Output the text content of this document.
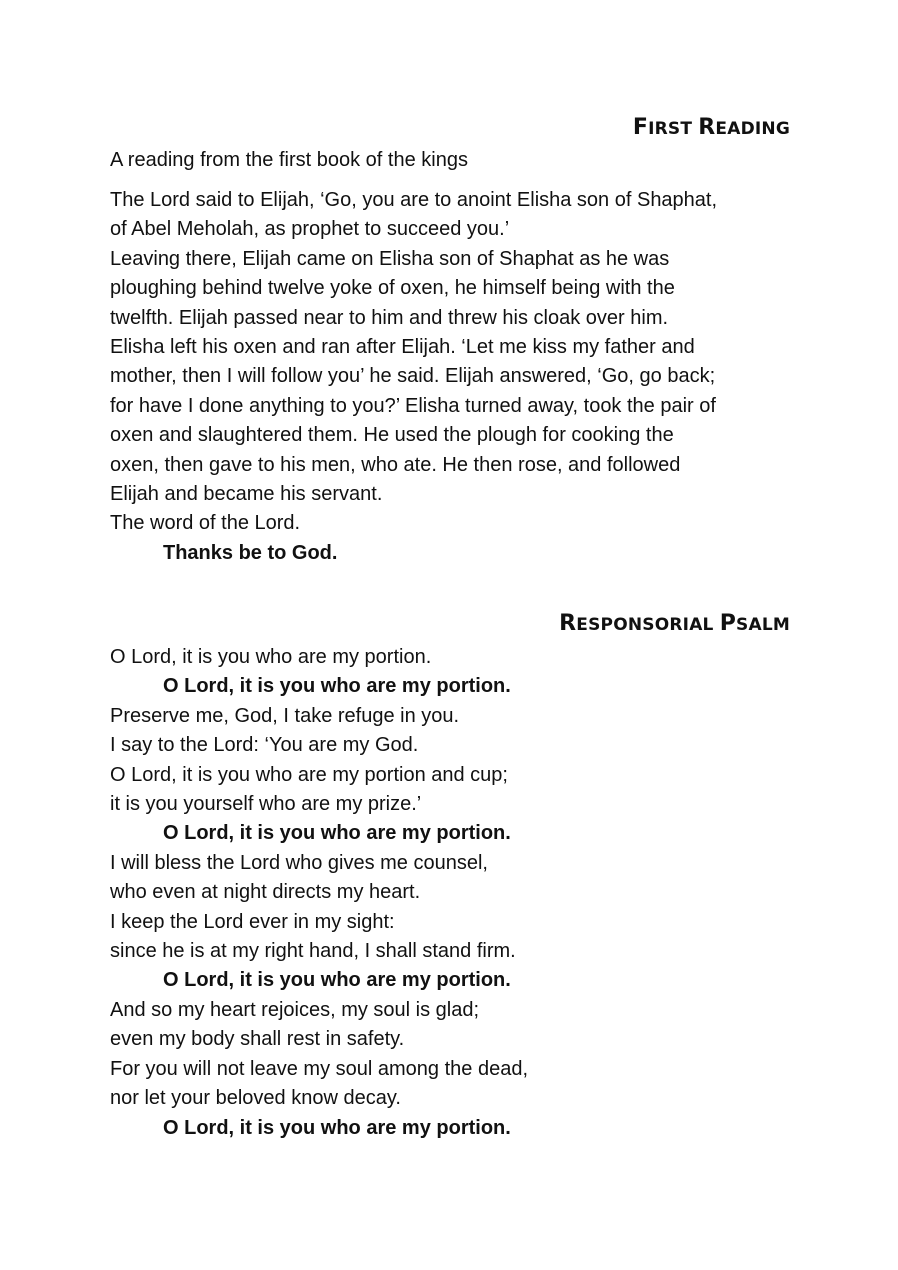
FIRST READING
A reading from the first book of the kings
The Lord said to Elijah, ‘Go, you are to anoint Elisha son of Shaphat,
of Abel Meholah, as prophet to succeed you.’
Leaving there, Elijah came on Elisha son of Shaphat as he was
ploughing behind twelve yoke of oxen, he himself being with the
twelfth. Elijah passed near to him and threw his cloak over him.
Elisha left his oxen and ran after Elijah. ‘Let me kiss my father and
mother, then I will follow you’ he said. Elijah answered, ‘Go, go back;
for have I done anything to you?’ Elisha turned away, took the pair of
oxen and slaughtered them. He used the plough for cooking the
oxen, then gave to his men, who ate. He then rose, and followed
Elijah and became his servant.
The word of the Lord.
Thanks be to God.
RESPONSORIAL PSALM
O Lord, it is you who are my portion.
O Lord, it is you who are my portion.
Preserve me, God, I take refuge in you.
I say to the Lord: ‘You are my God.
O Lord, it is you who are my portion and cup;
it is you yourself who are my prize.’
O Lord, it is you who are my portion.
I will bless the Lord who gives me counsel,
who even at night directs my heart.
I keep the Lord ever in my sight:
since he is at my right hand, I shall stand firm.
O Lord, it is you who are my portion.
And so my heart rejoices, my soul is glad;
even my body shall rest in safety.
For you will not leave my soul among the dead,
nor let your beloved know decay.
O Lord, it is you who are my portion.
